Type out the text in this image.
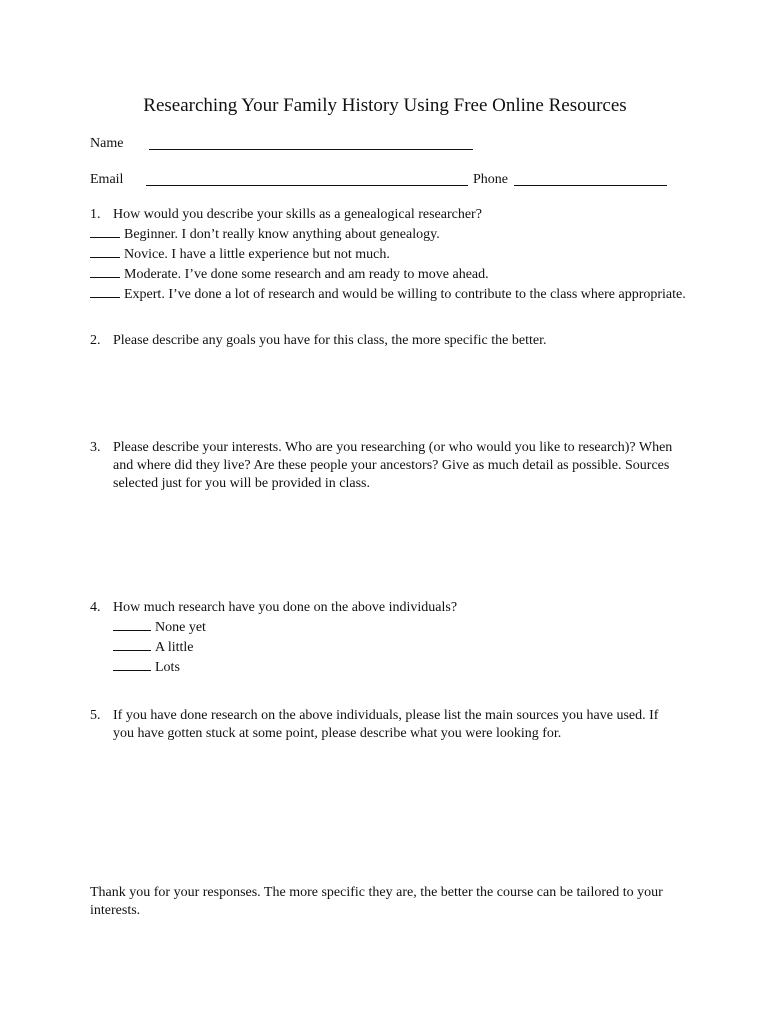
Researching Your Family History Using Free Online Resources
Name
Email	Phone
1. How would you describe your skills as a genealogical researcher?
Beginner. I don’t really know anything about genealogy.
Novice. I have a little experience but not much.
Moderate. I’ve done some research and am ready to move ahead.
Expert. I’ve done a lot of research and would be willing to contribute to the class where appropriate.
2. Please describe any goals you have for this class, the more specific the better.
3. Please describe your interests. Who are you researching (or who would you like to research)? When and where did they live? Are these people your ancestors? Give as much detail as possible. Sources selected just for you will be provided in class.
4. How much research have you done on the above individuals?
None yet
A little
Lots
5. If you have done research on the above individuals, please list the main sources you have used. If you have gotten stuck at some point, please describe what you were looking for.
Thank you for your responses. The more specific they are, the better the course can be tailored to your interests.
